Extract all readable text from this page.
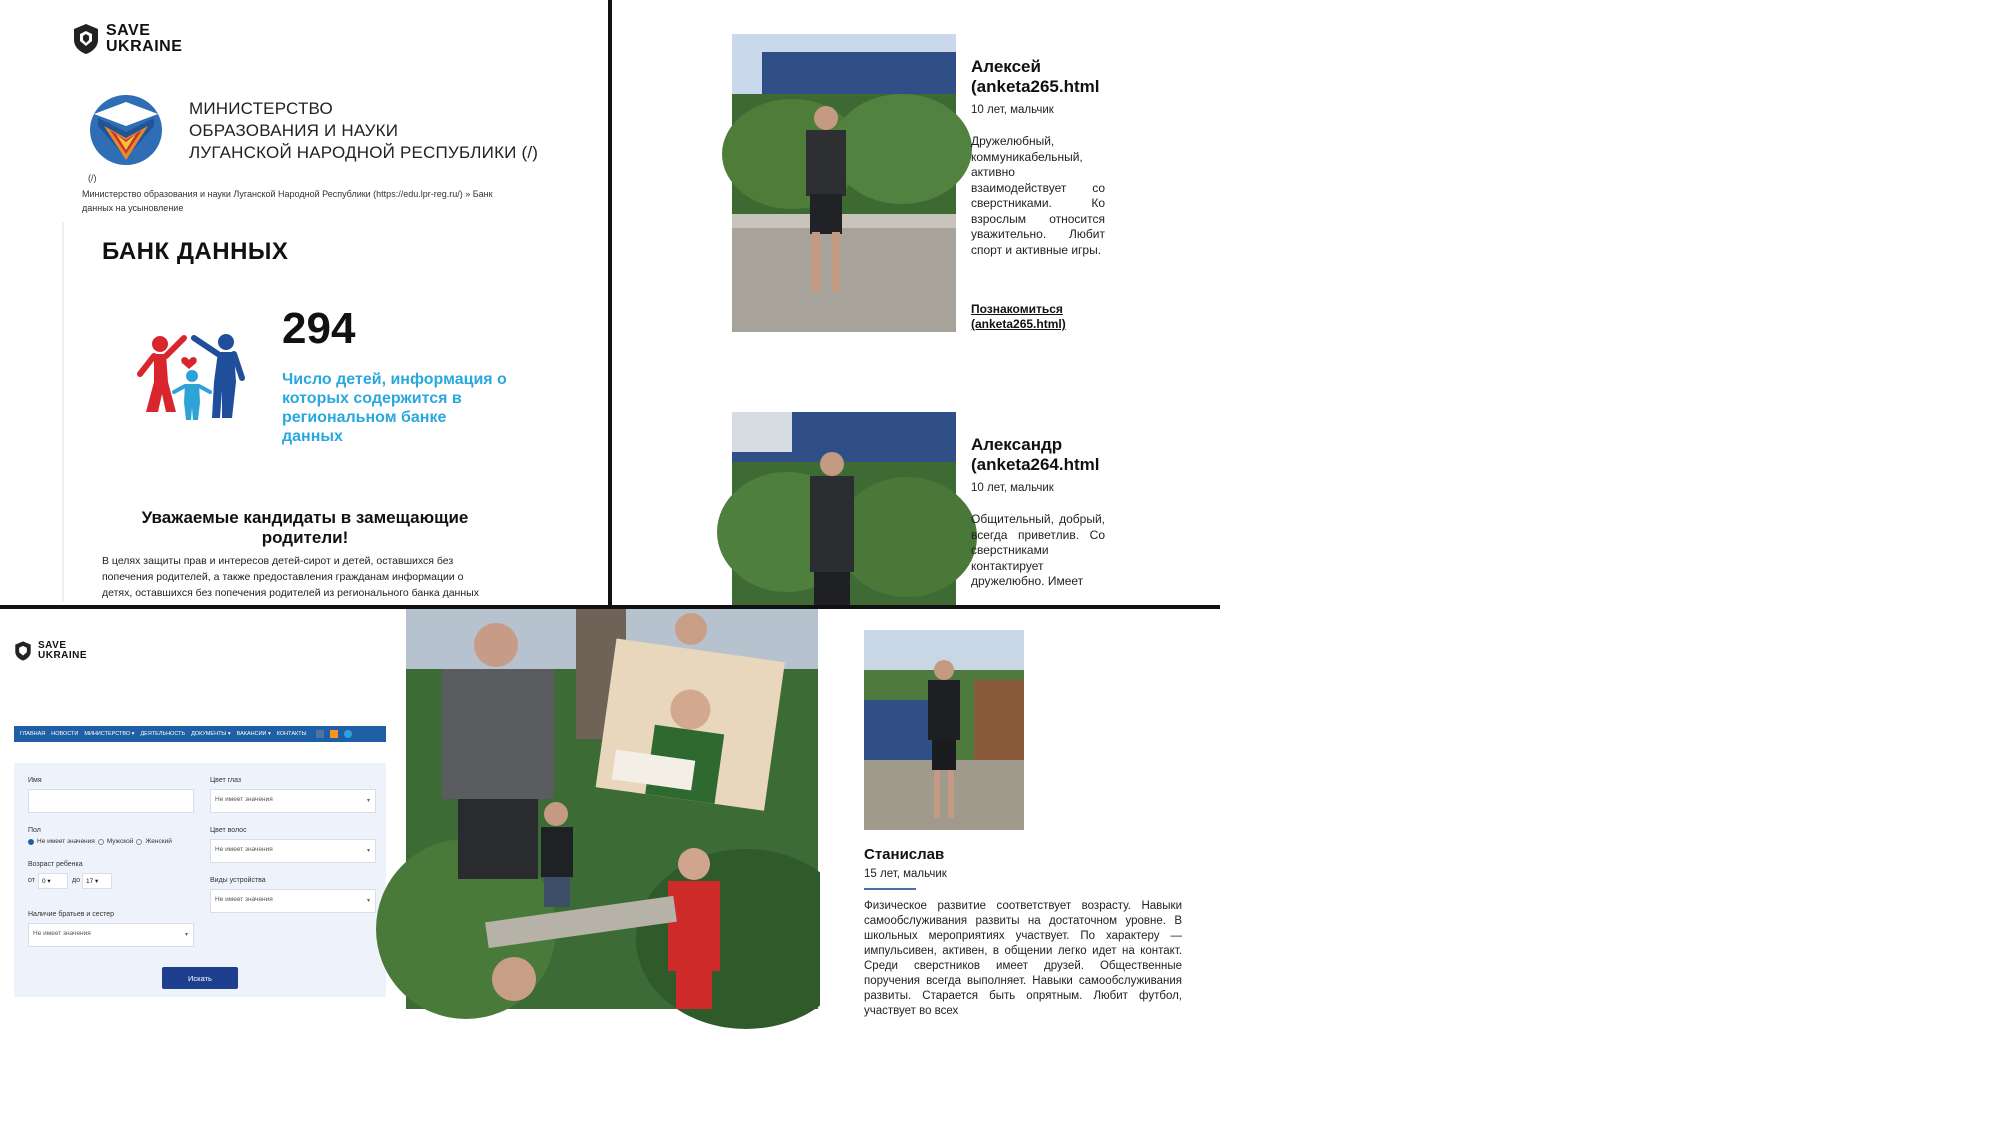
SAVE
UKRAINE
МИНИСТЕРСТВО
ОБРАЗОВАНИЯ И НАУКИ
ЛУГАНСКОЙ НАРОДНОЙ РЕСПУБЛИКИ (/)
(/)
Министерство образования и науки Луганской Народной Республики (https://edu.lpr-reg.ru/) » Банк
данных на усыновление
БАНК ДАННЫХ
294
Число детей, информация о которых содержится в региональном банке данных
Уважаемые кандидаты в замещающие
родители!
В целях защиты прав и интересов детей-сирот и детей, оставшихся без
попечения родителей, а также предоставления гражданам информации о
детях, оставшихся без попечения родителей из регионального банка данных
Алексей
(anketa265.html
10 лет, мальчик
Дружелюбный, коммуникабельный, активно взаимодействует со сверстниками. Ко взрослым относится уважительно. Любит спорт и активные игры.
Познакомиться
(anketa265.html)
Александр
(anketa264.html
10 лет, мальчик
Общительный, добрый, всегда приветлив. Со сверстниками контактирует дружелюбно. Имеет
SAVE
UKRAINE
ГЛАВНАЯ НОВОСТИ МИНИСТЕРСТВО ▾ ДЕЯТЕЛЬНОСТЬ ДОКУМЕНТЫ ▾ ВАКАНСИИ ▾ КОНТАКТЫ
Имя
Пол
Не имеет значения Мужской Женский
Возраст ребенка
от	0 ▾	до 17 ▾
Наличие братьев и сестер
Не имеет значения	▾
Цвет глаз
Не имеет значения	▾
Цвет волос
Не имеет значения	▾
Виды устройства
Не имеет значения	▾
Искать
Станислав
15 лет, мальчик
Физическое развитие соответствует возрасту. Навыки самообслуживания развиты на достаточном уровне. В школьных мероприятиях участвует. По характеру — импульсивен, активен, в общении легко идет на контакт. Среди сверстников имеет друзей. Общественные поручения всегда выполняет. Навыки самообслуживания развиты. Старается быть опрятным. Любит футбол, участвует во всех
